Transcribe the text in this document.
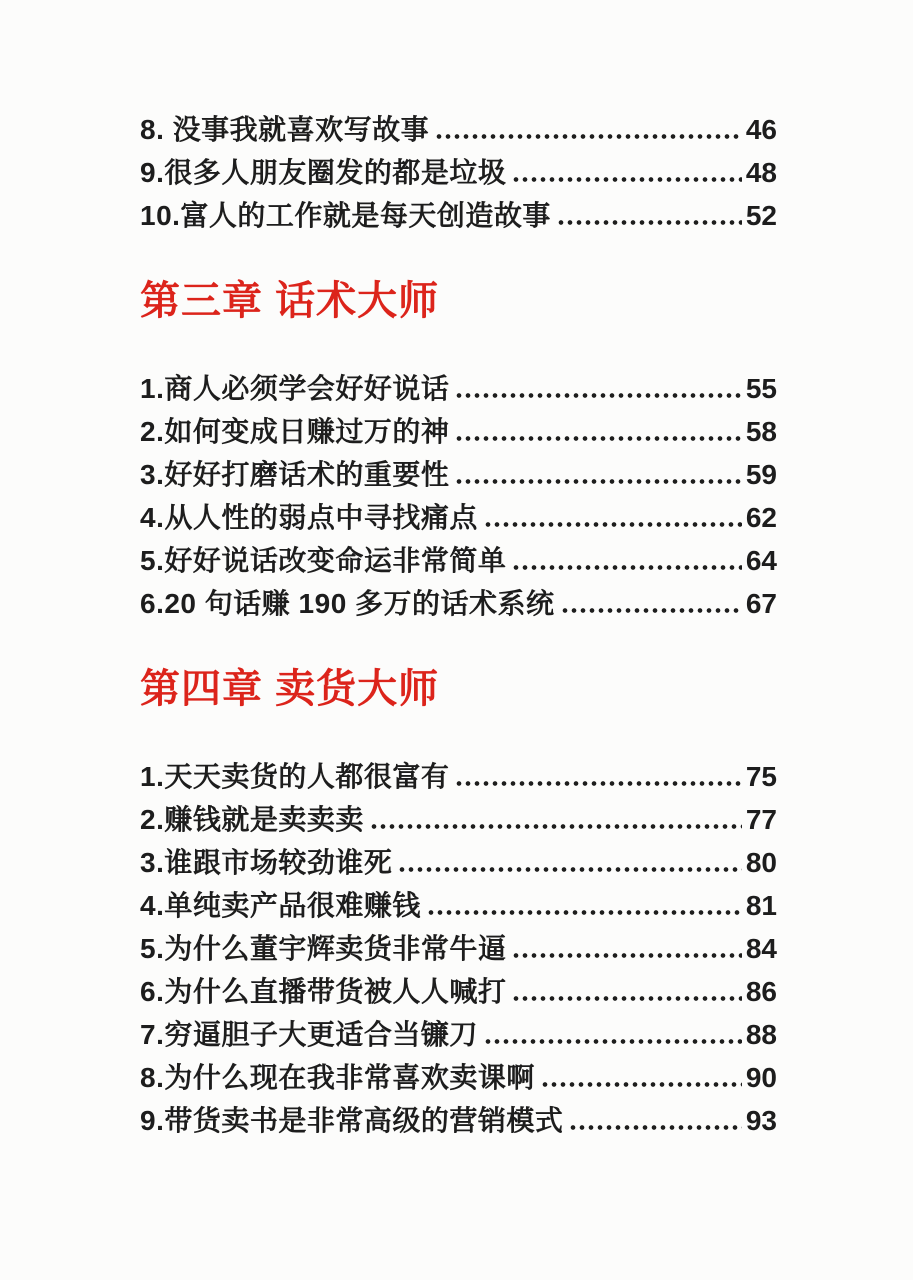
8. 没事我就喜欢写故事	46
9.很多人朋友圈发的都是垃圾	48
10.富人的工作就是每天创造故事	52
第三章 话术大师
1.商人必须学会好好说话	55
2.如何变成日赚过万的神	58
3.好好打磨话术的重要性	59
4.从人性的弱点中寻找痛点	62
5.好好说话改变命运非常简单	64
6.20 句话赚 190 多万的话术系统	67
第四章 卖货大师
1.天天卖货的人都很富有	75
2.赚钱就是卖卖卖	77
3.谁跟市场较劲谁死	80
4.单纯卖产品很难赚钱	81
5.为什么董宇辉卖货非常牛逼	84
6.为什么直播带货被人人喊打	86
7.穷逼胆子大更适合当镰刀	88
8.为什么现在我非常喜欢卖课啊	90
9.带货卖书是非常高级的营销模式	93
